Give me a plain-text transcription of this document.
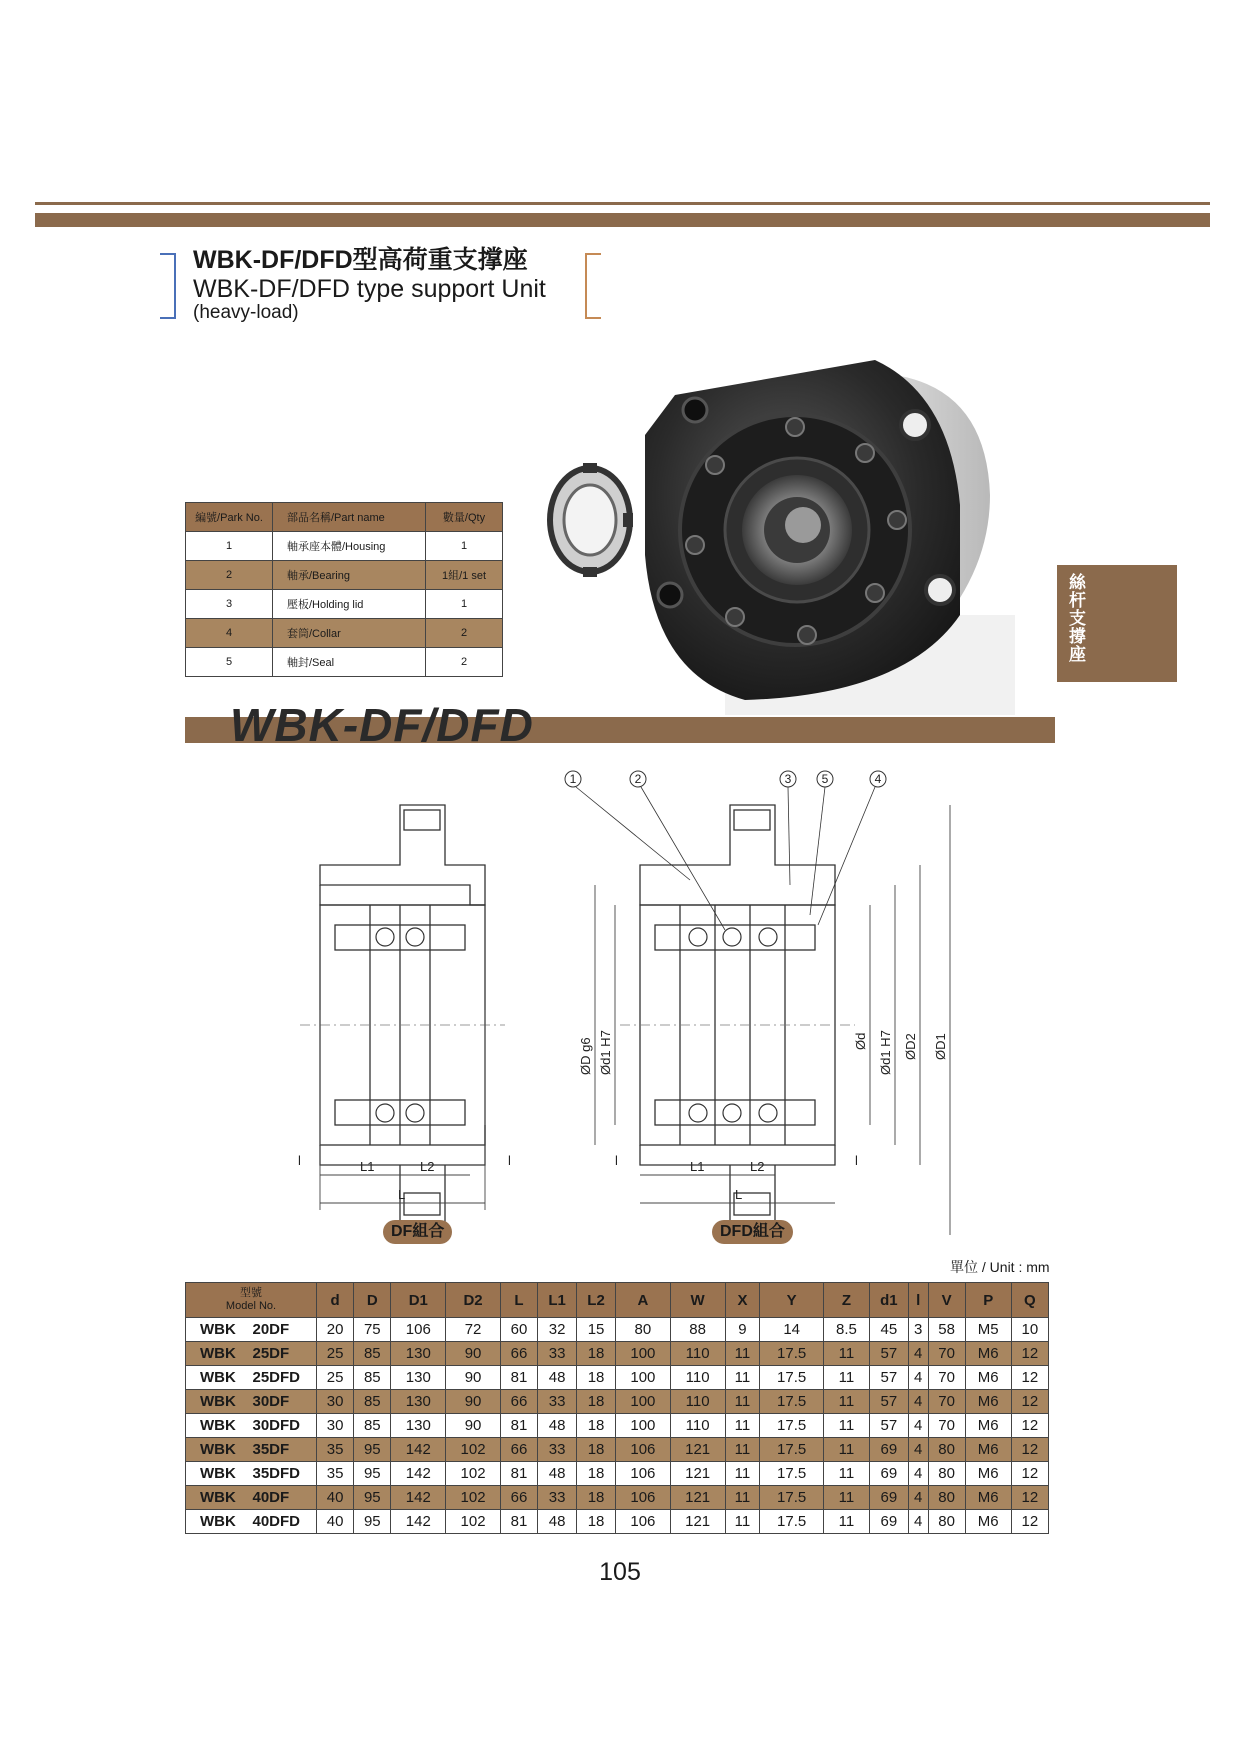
WBK-DF/DFD型高荷重支撑座
WBK-DF/DFD type support Unit
(heavy-load)
編號/Park No.	部品名稱/Part name	數量/Qty
1	軸承座本體/Housing	1
2	軸承/Bearing	1組/1 set
3	壓板/Holding lid	1
4	套筒/Collar	2
5	軸封/Seal	2	絲杆支撐座
WBK-DF/DFD
1	2	3	5	4
L1	L2
L
l	l	L1	L2
L
l	l
ØD g6 Ød1 H7	Ød Ød1 H7 ØD2 ØD1
DF組合	DFD組合
單位 / Unit : mm
型號
Model No.	d	D	D1	D2	L	L1	L2	A	W	X	Y	Z	d1	l	V	P	Q
WBK    20DF	20	75	106	72	60	32	15	80	88	9	14	8.5	45	3	58	M5	10
WBK    25DF	25	85	130	90	66	33	18	100	110	11	17.5	11	57	4	70	M6	12
WBK    25DFD	25	85	130	90	81	48	18	100	110	11	17.5	11	57	4	70	M6	12
WBK    30DF	30	85	130	90	66	33	18	100	110	11	17.5	11	57	4	70	M6	12
WBK    30DFD	30	85	130	90	81	48	18	100	110	11	17.5	11	57	4	70	M6	12
WBK    35DF	35	95	142	102	66	33	18	106	121	11	17.5	11	69	4	80	M6	12
WBK    35DFD	35	95	142	102	81	48	18	106	121	11	17.5	11	69	4	80	M6	12
WBK    40DF	40	95	142	102	66	33	18	106	121	11	17.5	11	69	4	80	M6	12
WBK    40DFD	40	95	142	102	81	48	18	106	121	11	17.5	11	69	4	80	M6	12
105
